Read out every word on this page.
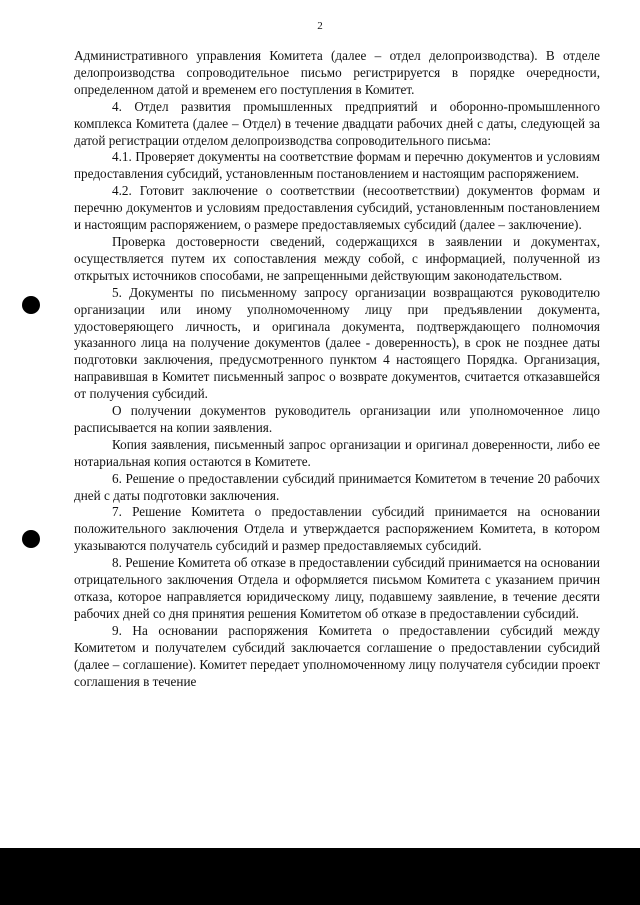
2

Административного управления Комитета (далее – отдел делопроизводства). В отделе делопроизводства сопроводительное письмо регистрируется в порядке очередности, определенном датой и временем его поступления в Комитет.

4. Отдел развития промышленных предприятий и оборонно-промышленного комплекса Комитета (далее – Отдел) в течение двадцати рабочих дней с даты, следующей за датой регистрации отделом делопроизводства сопроводительного письма:

4.1. Проверяет документы на соответствие формам и перечню документов и условиям предоставления субсидий, установленным постановлением и настоящим распоряжением.

4.2. Готовит заключение о соответствии (несоответствии) документов формам и перечню документов и условиям предоставления субсидий, установленным постановлением и настоящим распоряжением, о размере предоставляемых субсидий (далее – заключение).

Проверка достоверности сведений, содержащихся в заявлении и документах, осуществляется путем их сопоставления между собой, с информацией, полученной из открытых источников способами, не запрещенными действующим законодательством.

5. Документы по письменному запросу организации возвращаются руководителю организации или иному уполномоченному лицу при предъявлении документа, удостоверяющего личность, и оригинала документа, подтверждающего полномочия указанного лица на получение документов (далее - доверенность), в срок не позднее даты подготовки заключения, предусмотренного пунктом 4 настоящего Порядка. Организация, направившая в Комитет письменный запрос о возврате документов, считается отказавшейся от получения субсидий.

О получении документов руководитель организации или уполномоченное лицо расписывается на копии заявления.

Копия заявления, письменный запрос организации и оригинал доверенности, либо ее нотариальная копия остаются в Комитете.

6. Решение о предоставлении субсидий принимается Комитетом в течение 20 рабочих дней с даты подготовки заключения.

7. Решение Комитета о предоставлении субсидий принимается на основании положительного заключения Отдела и утверждается распоряжением Комитета, в котором указываются получатель субсидий и размер предоставляемых субсидий.

8. Решение Комитета об отказе в предоставлении субсидий принимается на основании отрицательного заключения Отдела и оформляется письмом Комитета с указанием причин отказа, которое направляется юридическому лицу, подавшему заявление, в течение десяти рабочих дней со дня принятия решения Комитетом об отказе в предоставлении субсидий.

9. На основании распоряжения Комитета о предоставлении субсидий между Комитетом и получателем субсидий заключается соглашение о предоставлении субсидий (далее – соглашение). Комитет передает уполномоченному лицу получателя субсидии проект соглашения в течение
